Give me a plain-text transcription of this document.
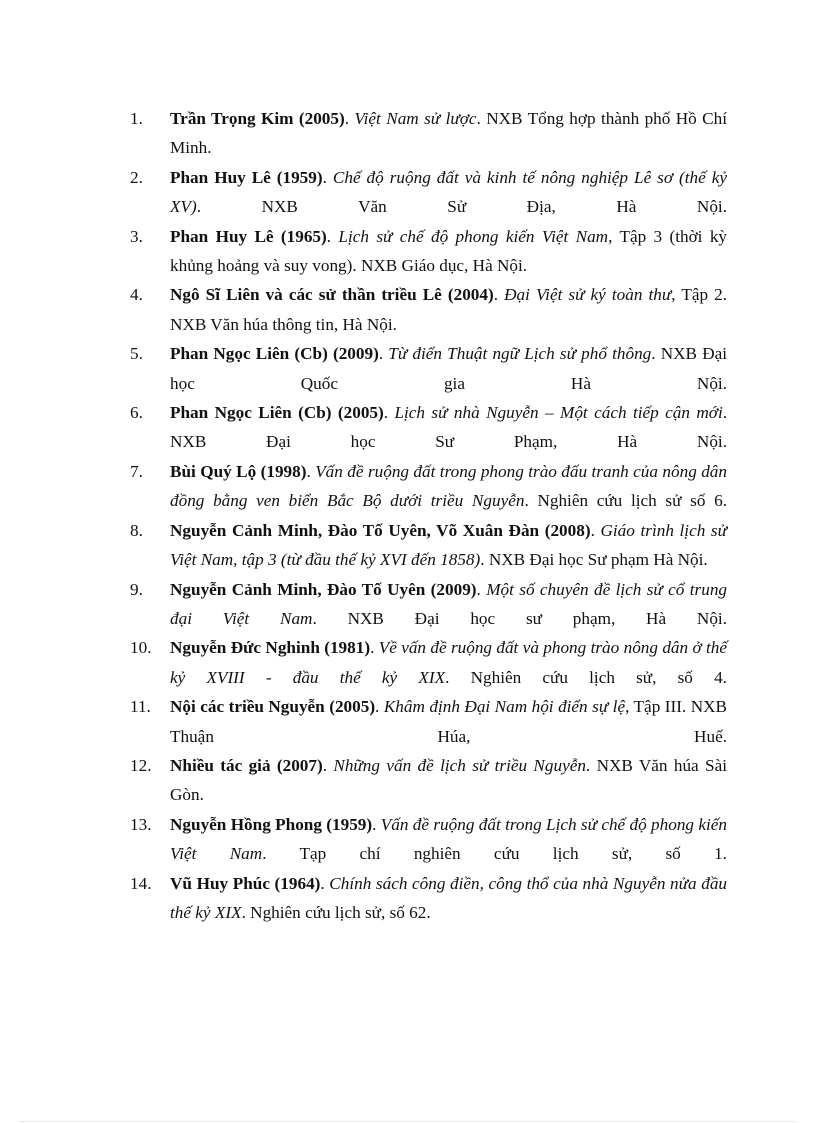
1.	Trần Trọng Kim (2005). Việt Nam sử lược. NXB Tổng hợp thành phố Hồ Chí Minh.
2.	Phan Huy Lê (1959). Chế độ ruộng đất và kinh tế nông nghiệp Lê sơ (thế kỷ XV). NXB Văn Sử Địa, Hà Nội.
3.	Phan Huy Lê (1965). Lịch sử chế độ phong kiến Việt Nam, Tập 3 (thời kỳ khủng hoảng và suy vong). NXB Giáo dục, Hà Nội.
4.	Ngô Sĩ Liên và các sử thần triều Lê (2004). Đại Việt sử ký toàn thư, Tập 2. NXB Văn húa thông tin, Hà Nội.
5.	Phan Ngọc Liên (Cb) (2009). Từ điển Thuật ngữ Lịch sử phổ thông. NXB Đại học Quốc gia Hà Nội.
6.	Phan Ngọc Liên (Cb) (2005). Lịch sử nhà Nguyễn – Một cách tiếp cận mới. NXB Đại học Sư Phạm, Hà Nội.
7.	Bùi Quý Lộ (1998). Vấn đề ruộng đất trong phong trào đấu tranh của nông dân đồng bằng ven biển Bắc Bộ dưới triều Nguyễn. Nghiên cứu lịch sử số 6.
8.	Nguyễn Cảnh Minh, Đào Tố Uyên, Võ Xuân Đàn (2008). Giáo trình lịch sử Việt Nam, tập 3 (từ đầu thế kỷ XVI đến 1858). NXB Đại học Sư phạm Hà Nội.
9.	Nguyễn Cảnh Minh, Đào Tố Uyên (2009). Một số chuyên đề lịch sử cổ trung đại Việt Nam. NXB Đại học sư phạm, Hà Nội.
10.	Nguyễn Đức Nghinh (1981). Về vấn đề ruộng đất và phong trào nông dân ở thế kỷ XVIII - đầu thế kỷ XIX. Nghiên cứu lịch sử, số 4.
11.	Nội các triều Nguyễn (2005). Khâm định Đại Nam hội điển sự lệ, Tập III. NXB Thuận Húa, Huế.
12.	Nhiều tác giả (2007). Những vấn đề lịch sử triều Nguyễn. NXB Văn húa Sài Gòn.
13.	Nguyễn Hồng Phong (1959). Vấn đề ruộng đất trong Lịch sử chế độ phong kiến Việt Nam. Tạp chí nghiên cứu lịch sử, số 1.
14.	Vũ Huy Phúc (1964). Chính sách công điền, công thổ của nhà Nguyễn nửa đầu thế kỷ XIX. Nghiên cứu lịch sử, số 62.
